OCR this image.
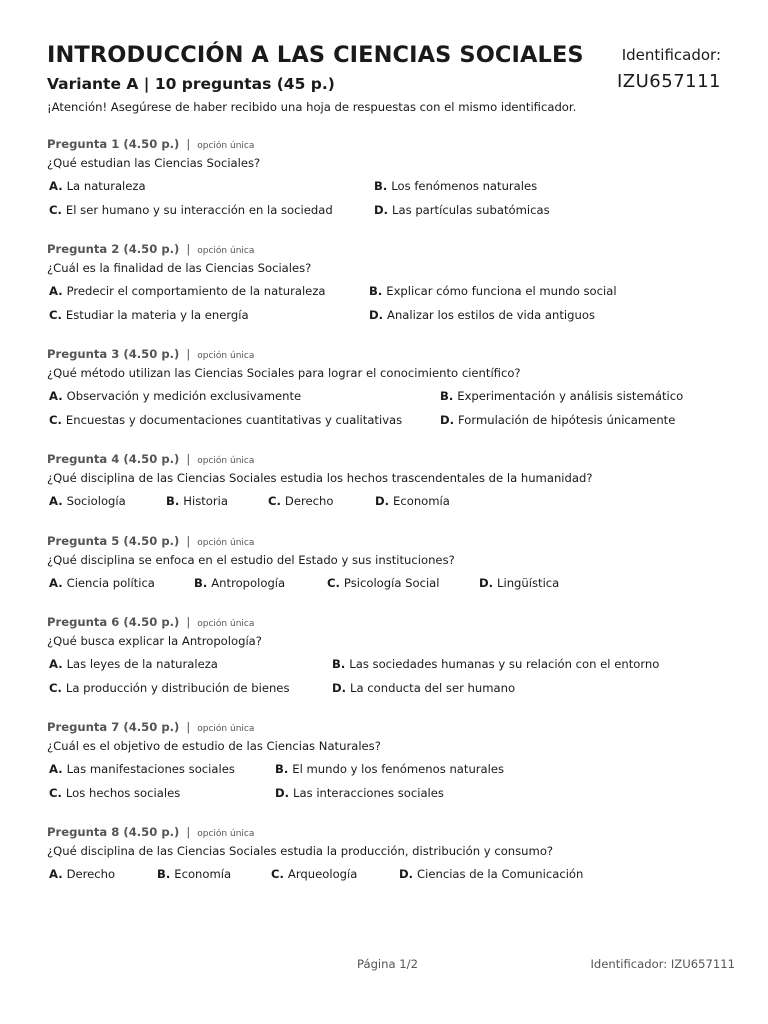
INTRODUCCIÓN A LAS CIENCIAS SOCIALES
Variante A | 10 preguntas (45 p.)
Identificador:
IZU657111
¡Atención! Asegúrese de haber recibido una hoja de respuestas con el mismo identificador.
Pregunta 1 (4.50 p.) | opción única
¿Qué estudian las Ciencias Sociales?
A. La naturaleza	B. Los fenómenos naturales
C. El ser humano y su interacción en la sociedad	D. Las partículas subatómicas
Pregunta 2 (4.50 p.) | opción única
¿Cuál es la finalidad de las Ciencias Sociales?
A. Predecir el comportamiento de la naturaleza	B. Explicar cómo funciona el mundo social
C. Estudiar la materia y la energía	D. Analizar los estilos de vida antiguos
Pregunta 3 (4.50 p.) | opción única
¿Qué método utilizan las Ciencias Sociales para lograr el conocimiento científico?
A. Observación y medición exclusivamente	B. Experimentación y análisis sistemático
C. Encuestas y documentaciones cuantitativas y cualitativas	D. Formulación de hipótesis únicamente
Pregunta 4 (4.50 p.) | opción única
¿Qué disciplina de las Ciencias Sociales estudia los hechos trascendentales de la humanidad?
A. Sociología	B. Historia	C. Derecho	D. Economía
Pregunta 5 (4.50 p.) | opción única
¿Qué disciplina se enfoca en el estudio del Estado y sus instituciones?
A. Ciencia política	B. Antropología	C. Psicología Social	D. Lingüística
Pregunta 6 (4.50 p.) | opción única
¿Qué busca explicar la Antropología?
A. Las leyes de la naturaleza	B. Las sociedades humanas y su relación con el entorno
C. La producción y distribución de bienes	D. La conducta del ser humano
Pregunta 7 (4.50 p.) | opción única
¿Cuál es el objetivo de estudio de las Ciencias Naturales?
A. Las manifestaciones sociales	B. El mundo y los fenómenos naturales
C. Los hechos sociales	D. Las interacciones sociales
Pregunta 8 (4.50 p.) | opción única
¿Qué disciplina de las Ciencias Sociales estudia la producción, distribución y consumo?
A. Derecho	B. Economía	C. Arqueología	D. Ciencias de la Comunicación
Página 1/2	Identificador: IZU657111
